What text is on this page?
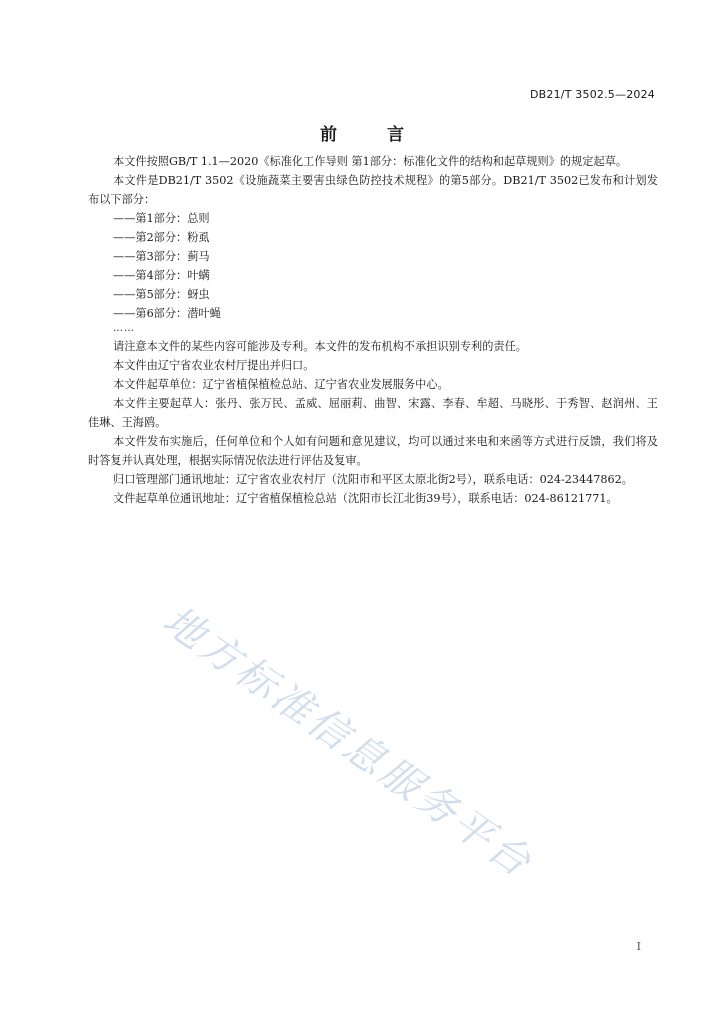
DB21/T 3502.5—2024
前 言

本文件按照GB/T 1.1—2020《标准化工作导则 第1部分：标准化文件的结构和起草规则》的规定起草。

本文件是DB21/T 3502《设施蔬菜主要害虫绿色防控技术规程》的第5部分。DB21/T 3502已发布和计划发布以下部分：

——第1部分：总则

——第2部分：粉虱

——第3部分：蓟马

——第4部分：叶螨

——第5部分：蚜虫

——第6部分：潜叶蝇

……

请注意本文件的某些内容可能涉及专利。本文件的发布机构不承担识别专利的责任。

本文件由辽宁省农业农村厅提出并归口。

本文件起草单位：辽宁省植保植检总站、辽宁省农业发展服务中心。

本文件主要起草人：张丹、张万民、孟威、屈丽莉、曲智、宋露、李春、牟超、马晓彤、于秀智、赵润州、王佳琳、王海鸥。

本文件发布实施后，任何单位和个人如有问题和意见建议，均可以通过来电和来函等方式进行反馈，我们将及时答复并认真处理，根据实际情况依法进行评估及复审。

归口管理部门通讯地址：辽宁省农业农村厅（沈阳市和平区太原北街2号），联系电话：024-23447862。

文件起草单位通讯地址：辽宁省植保植检总站（沈阳市长江北街39号），联系电话：024-86121771。

地方标准信息服务平台
I
